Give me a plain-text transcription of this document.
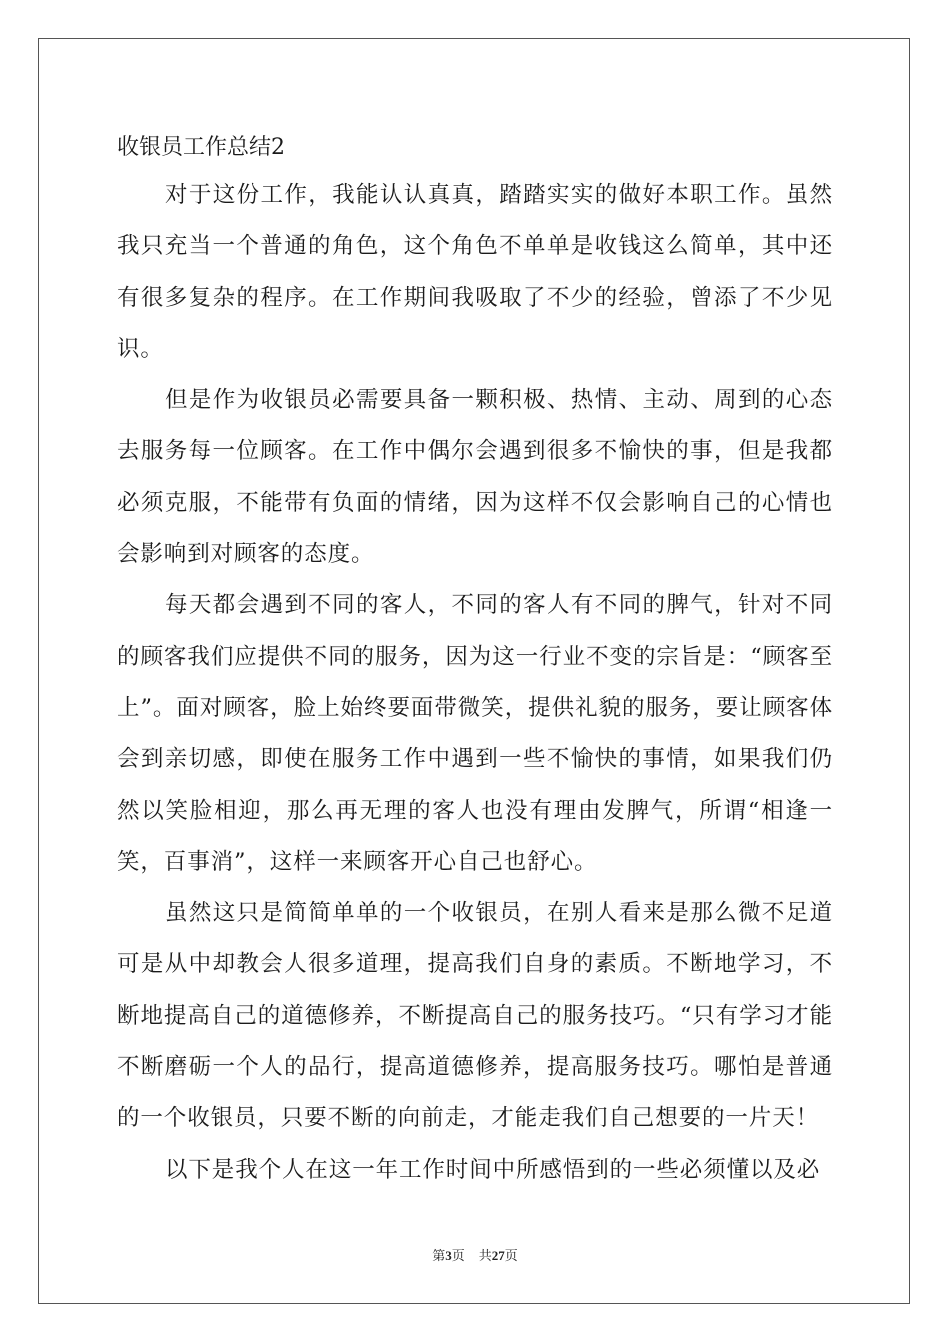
收银员工作总结2

对于这份工作，我能认认真真，踏踏实实的做好本职工作。虽然我只充当一个普通的角色，这个角色不单单是收钱这么简单，其中还有很多复杂的程序。在工作期间我吸取了不少的经验，曾添了不少见识。

但是作为收银员必需要具备一颗积极、热情、主动、周到的心态去服务每一位顾客。在工作中偶尔会遇到很多不愉快的事，但是我都必须克服，不能带有负面的情绪，因为这样不仅会影响自己的心情也会影响到对顾客的态度。

每天都会遇到不同的客人，不同的客人有不同的脾气，针对不同的顾客我们应提供不同的服务，因为这一行业不变的宗旨是：“顾客至上”。面对顾客，脸上始终要面带微笑，提供礼貌的服务，要让顾客体会到亲切感，即使在服务工作中遇到一些不愉快的事情，如果我们仍然以笑脸相迎，那么再无理的客人也没有理由发脾气，所谓“相逢一笑，百事消”，这样一来顾客开心自己也舒心。

虽然这只是简简单单的一个收银员，在别人看来是那么微不足道可是从中却教会人很多道理，提高我们自身的素质。不断地学习，不断地提高自己的道德修养，不断提高自己的服务技巧。“只有学习才能不断磨砺一个人的品行，提高道德修养，提高服务技巧。哪怕是普通的一个收银员，只要不断的向前走，才能走我们自己想要的一片天！

以下是我个人在这一年工作时间中所感悟到的一些必须懂以及必

第3页 共27页
